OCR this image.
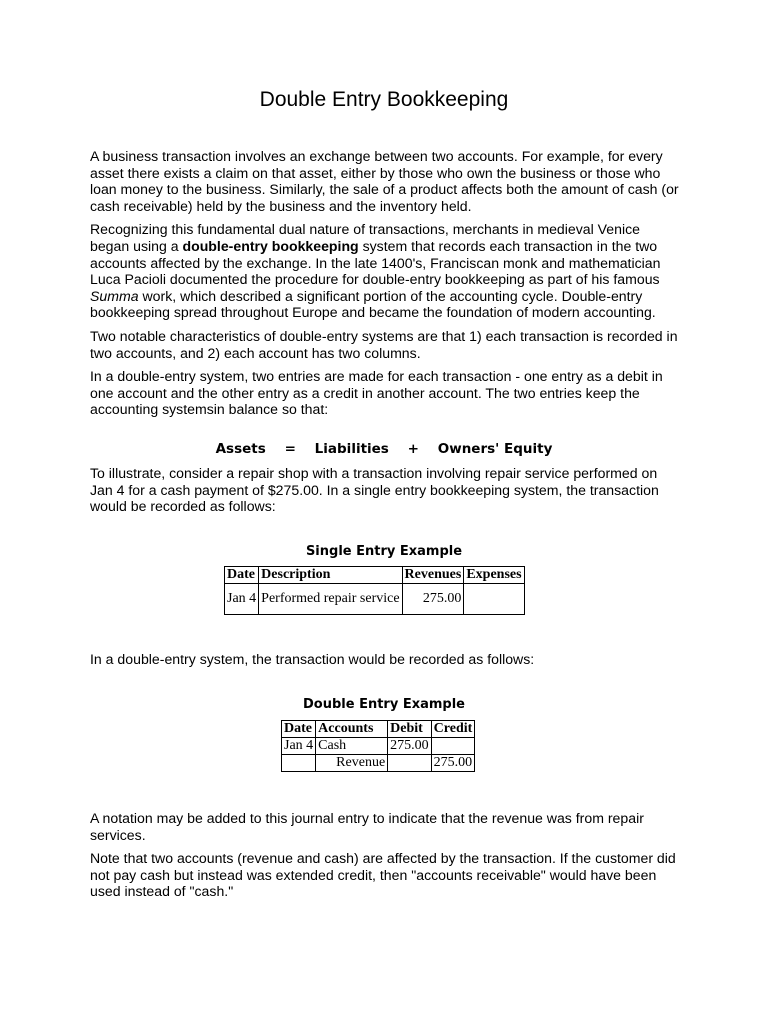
Double Entry Bookkeeping

A business transaction involves an exchange between two accounts. For example, for every asset there exists a claim on that asset, either by those who own the business or those who loan money to the business. Similarly, the sale of a product affects both the amount of cash (or cash receivable) held by the business and the inventory held.

Recognizing this fundamental dual nature of transactions, merchants in medieval Venice began using a double-entry bookkeeping system that records each transaction in the two accounts affected by the exchange. In the late 1400's, Franciscan monk and mathematician Luca Pacioli documented the procedure for double-entry bookkeeping as part of his famous Summa work, which described a significant portion of the accounting cycle. Double-entry bookkeeping spread throughout Europe and became the foundation of modern accounting.

Two notable characteristics of double-entry systems are that 1) each transaction is recorded in two accounts, and 2) each account has two columns.

In a double-entry system, two entries are made for each transaction - one entry as a debit in one account and the other entry as a credit in another account. The two entries keep the accounting systemsin balance so that:

Assets    =    Liabilities    +    Owners' Equity

To illustrate, consider a repair shop with a transaction involving repair service performed on Jan 4 for a cash payment of $275.00. In a single entry bookkeeping system, the transaction would be recorded as follows:

Single Entry Example
Date	Description	Revenues	Expenses
Jan 4	Performed repair service	275.00	

In a double-entry system, the transaction would be recorded as follows:

Double Entry Example
Date	Accounts	Debit	Credit
Jan 4	Cash	275.00	
	Revenue		275.00

A notation may be added to this journal entry to indicate that the revenue was from repair services.

Note that two accounts (revenue and cash) are affected by the transaction. If the customer did not pay cash but instead was extended credit, then "accounts receivable" would have been used instead of "cash."
